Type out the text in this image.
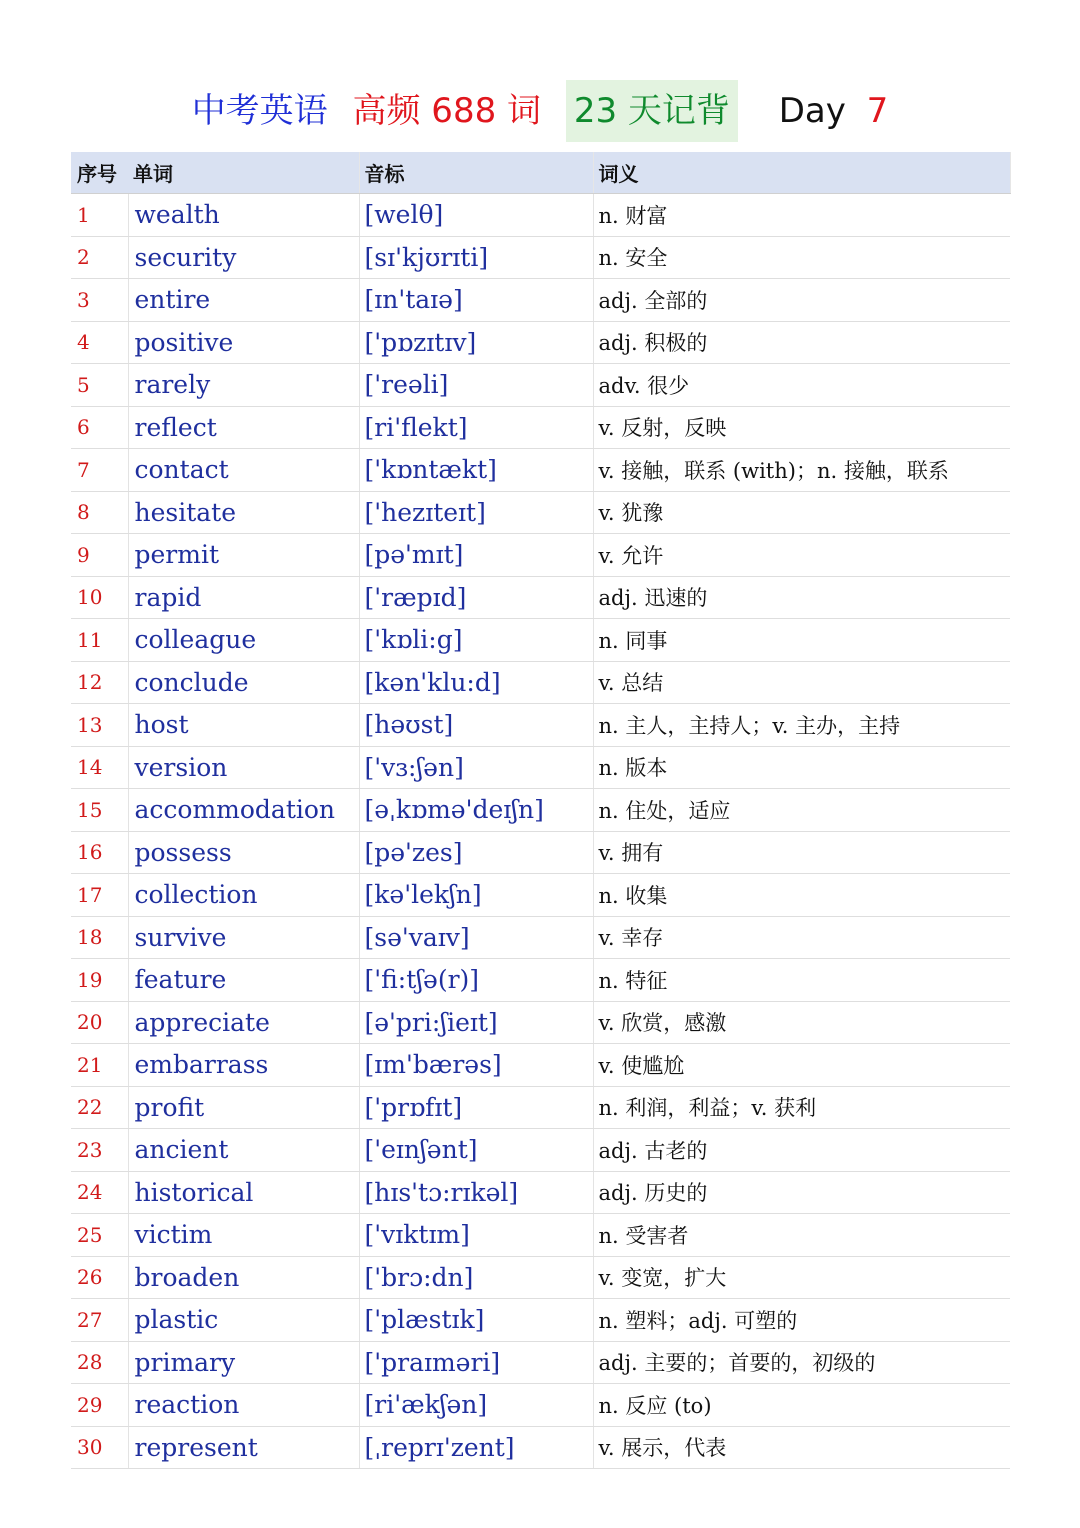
中考英语 高频 688 词 23 天记背 Day 7
序号	单词	音标	词义
1	wealth	[welθ]	n. 财富
2	security	[sɪ'kjʊrɪti]	n. 安全
3	entire	[ɪn'taɪə]	adj. 全部的
4	positive	['pɒzɪtɪv]	adj. 积极的
5	rarely	['reəli]	adv. 很少
6	reflect	[ri'flekt]	v. 反射，反映
7	contact	['kɒntækt]	v. 接触，联系 (with)；n. 接触，联系
8	hesitate	['hezɪteɪt]	v. 犹豫
9	permit	[pə'mɪt]	v. 允许
10	rapid	['ræpɪd]	adj. 迅速的
11	colleague	['kɒli:g]	n. 同事
12	conclude	[kən'klu:d]	v. 总结
13	host	[həʊst]	n. 主人，主持人；v. 主办，主持
14	version	['vɜ:ʃən]	n. 版本
15	accommodation	[əˌkɒmə'deɪʃn]	n. 住处，适应
16	possess	[pə'zes]	v. 拥有
17	collection	[kə'lekʃn]	n. 收集
18	survive	[sə'vaɪv]	v. 幸存
19	feature	['fi:tʃə(r)]	n. 特征
20	appreciate	[ə'pri:ʃieɪt]	v. 欣赏，感激
21	embarrass	[ɪm'bærəs]	v. 使尴尬
22	profit	['prɒfɪt]	n. 利润，利益；v. 获利
23	ancient	['eɪnʃənt]	adj. 古老的
24	historical	[hɪs'tɔ:rɪkəl]	adj. 历史的
25	victim	['vɪktɪm]	n. 受害者
26	broaden	['brɔ:dn]	v. 变宽，扩大
27	plastic	['plæstɪk]	n. 塑料；adj. 可塑的
28	primary	['praɪməri]	adj. 主要的；首要的，初级的
29	reaction	[ri'ækʃən]	n. 反应 (to)
30	represent	[ˌreprɪ'zent]	v. 展示，代表
